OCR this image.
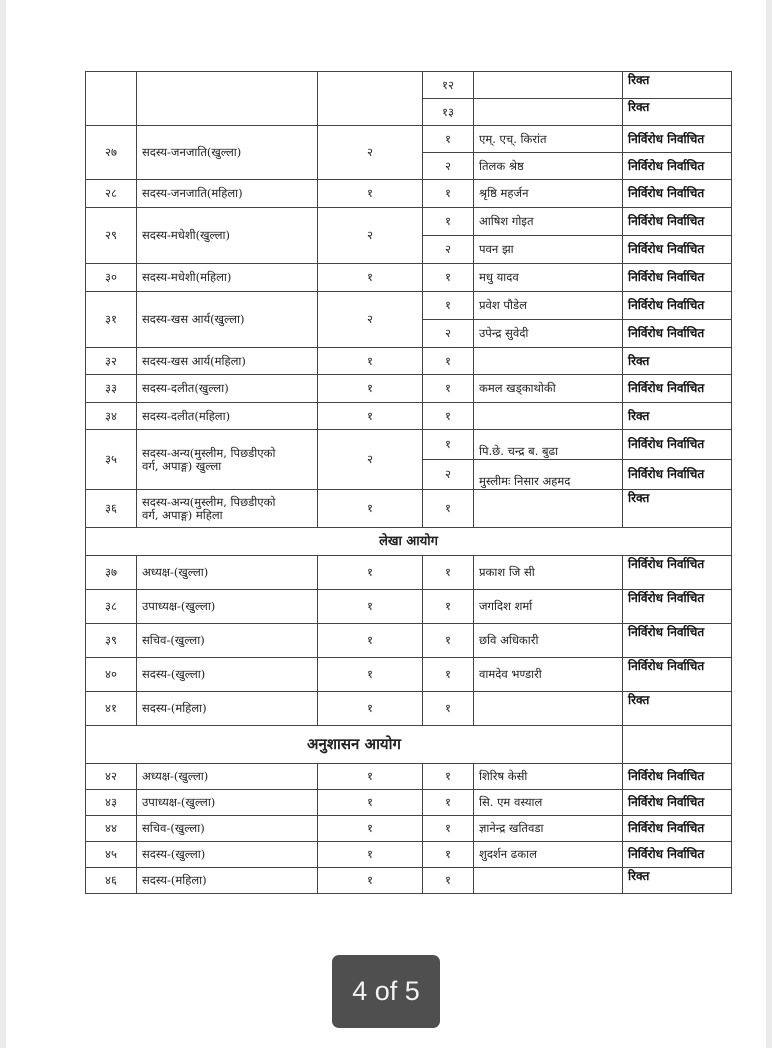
			१२		रिक्त
			१३		रिक्त
२७	सदस्य-जनजाति(खुल्ला)	२	१	एम्. एच्. किरांत	निर्विरोध निर्वाचित
			२	तिलक श्रेष्ठ	निर्विरोध निर्वाचित
२८	सदस्य-जनजाति(महिला)	१	१	श्रृष्ठि महर्जन	निर्विरोध निर्वाचित
२९	सदस्य-मधेशी(खुल्ला)	२	१	आषिश गोइत	निर्विरोध निर्वाचित
			२	पवन झा	निर्विरोध निर्वाचित
३०	सदस्य-मधेशी(महिला)	१	१	मधु यादव	निर्विरोध निर्वाचित
३१	सदस्य-खस आर्य(खुल्ला)	२	१	प्रवेश पौडेल	निर्विरोध निर्वाचित
			२	उपेन्द्र सुवेदी	निर्विरोध निर्वाचित
३२	सदस्य-खस आर्य(महिला)	१	१		रिक्त
३३	सदस्य-दलीत(खुल्ला)	१	१	कमल खड्काथोकी	निर्विरोध निर्वाचित
३४	सदस्य-दलीत(महिला)	१	१		रिक्त
३५	सदस्य-अन्य(मुस्लीम, पिछडीएको
वर्ग, अपाङ्ग) खुल्ला	२	१	पि.छे. चन्द्र ब. बुढा	निर्विरोध निर्वाचित
			२	मुस्लीमः निसार अहमद	निर्विरोध निर्वाचित
३६	सदस्य-अन्य(मुस्लीम, पिछडीएको
वर्ग, अपाङ्ग) महिला	१	१		रिक्त
लेखा आयोग					
३७	अध्यक्ष-(खुल्ला)	१	१	प्रकाश जि सी	निर्विरोध निर्वाचित
३८	उपाध्यक्ष-(खुल्ला)	१	१	जगदिश शर्मा	निर्विरोध निर्वाचित
३९	सचिव-(खुल्ला)	१	१	छवि अधिकारी	निर्विरोध निर्वाचित
४०	सदस्य-(खुल्ला)	१	१	वामदेव भण्डारी	निर्विरोध निर्वाचित
४१	सदस्य-(महिला)	१	१		रिक्त
अनुशासन आयोग					
४२	अध्यक्ष-(खुल्ला)	१	१	शिरिष केसी	निर्विरोध निर्वाचित
४३	उपाध्यक्ष-(खुल्ला)	१	१	सि. एम वस्याल	निर्विरोध निर्वाचित
४४	सचिव-(खुल्ला)	१	१	ज्ञानेन्द्र खतिवडा	निर्विरोध निर्वाचित
४५	सदस्य-(खुल्ला)	१	१	शुदर्शन ढकाल	निर्विरोध निर्वाचित
४६	सदस्य-(महिला)	१	१		रिक्त
4 of 5
